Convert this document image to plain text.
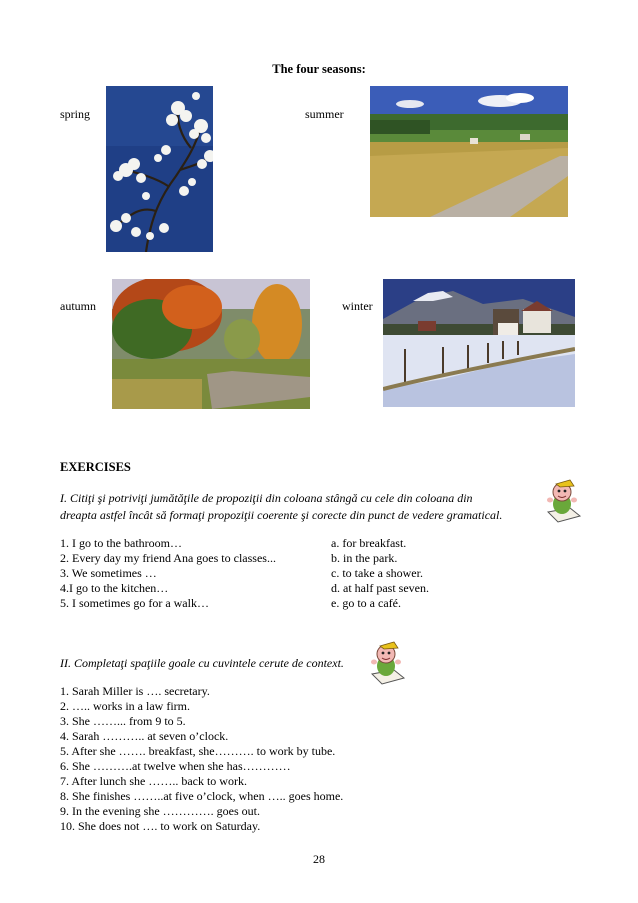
The four seasons:
spring	summer
autumn	winter
EXERCISES
I. Citiţi şi potriviţi jumătăţile de propoziţii din coloana stângă cu cele din coloana din
dreapta astfel încât să formaţi propoziţii coerente şi corecte din punct de vedere gramatical.
1. I go to the bathroom…
2. Every day my friend Ana goes to classes...
3. We sometimes …
4.I go to the kitchen…
5. I sometimes go for a walk…
a. for breakfast.
b. in the park.
c. to take a shower.
d. at half past seven.
e. go to a café.
II. Completaţi spaţiile goale cu cuvintele cerute de context.
1. Sarah Miller is …. secretary.
2. ….. works in a law firm.
3. She ……... from 9 to 5.
4. Sarah ……….. at seven o’clock.
5. After she ……. breakfast, she………. to work by tube.
6. She ……….at twelve when she has…………
7. After lunch she …….. back to work.
8. She finishes ……..at five o’clock, when ….. goes home.
9. In the evening she …………. goes out.
10. She does not …. to work on Saturday.
28
